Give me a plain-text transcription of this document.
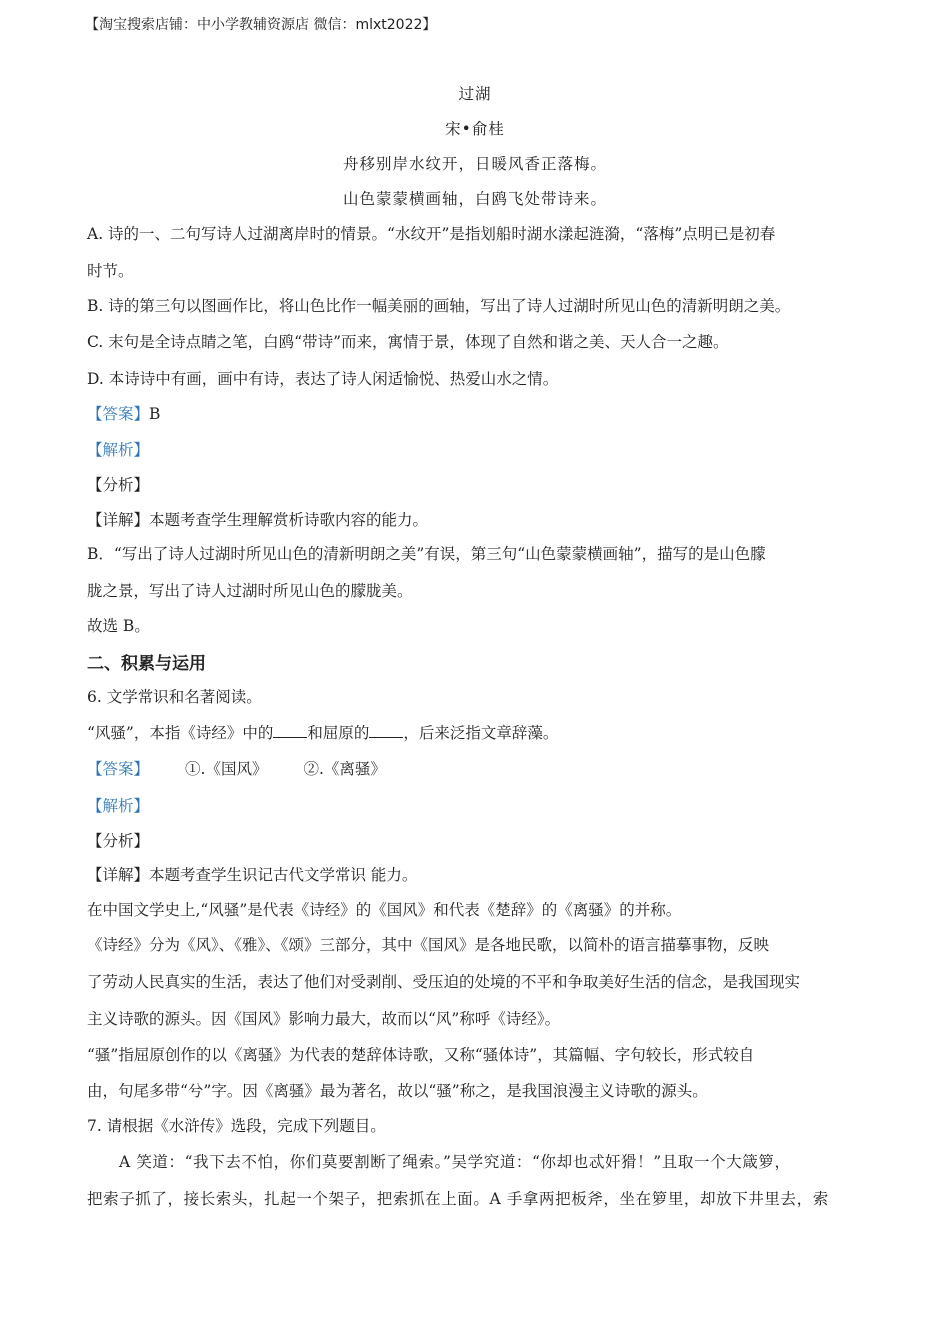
【淘宝搜索店铺：中小学教辅资源店 微信：mlxt2022】
过湖
宋•俞桂
舟移别岸水纹开，日暖风香正落梅。
山色蒙蒙横画轴，白鸥飞处带诗来。
A. 诗的一、二句写诗人过湖离岸时的情景。“水纹开”是指划船时湖水漾起涟漪，“落梅”点明已是初春
时节。
B. 诗的第三句以图画作比，将山色比作一幅美丽的画轴，写出了诗人过湖时所见山色的清新明朗之美。
C. 末句是全诗点睛之笔，白鸥“带诗”而来，寓情于景，体现了自然和谐之美、天人合一之趣。
D. 本诗诗中有画，画中有诗，表达了诗人闲适愉悦、热爱山水之情。
【答案】B
【解析】
【分析】
【详解】本题考查学生理解赏析诗歌内容的能力。
B．“写出了诗人过湖时所见山色的清新明朗之美”有误，第三句“山色蒙蒙横画轴”，描写的是山色朦
胧之景，写出了诗人过湖时所见山色的朦胧美。
故选 B。
二、积累与运用
6. 文学常识和名著阅读。
“风骚”，本指《诗经》中的 和屈原的 ，后来泛指文章辞藻。
【答案】 ①.《国风》 ②.《离骚》
【解析】
【分析】
【详解】本题考查学生识记古代文学常识 能力。
在中国文学史上,“风骚”是代表《诗经》的《国风》和代表《楚辞》的《离骚》的并称。
《诗经》分为《风》、《雅》、《颂》三部分，其中《国风》是各地民歌，以简朴的语言描摹事物，反映
了劳动人民真实的生活，表达了他们对受剥削、受压迫的处境的不平和争取美好生活的信念，是我国现实
主义诗歌的源头。因《国风》影响力最大，故而以“风”称呼《诗经》。
“骚”指屈原创作的以《离骚》为代表的楚辞体诗歌，又称“骚体诗”，其篇幅、字句较长，形式较自
由，句尾多带“兮”字。因《离骚》最为著名，故以“骚”称之，是我国浪漫主义诗歌的源头。
7. 请根据《水浒传》选段，完成下列题目。
A 笑道：“我下去不怕，你们莫要割断了绳索。”吴学究道：“你却也忒奸猾！”且取一个大箴箩，
把索子抓了，接长索头，扎起一个架子，把索抓在上面。A 手拿两把板斧，坐在箩里，却放下井里去，索
